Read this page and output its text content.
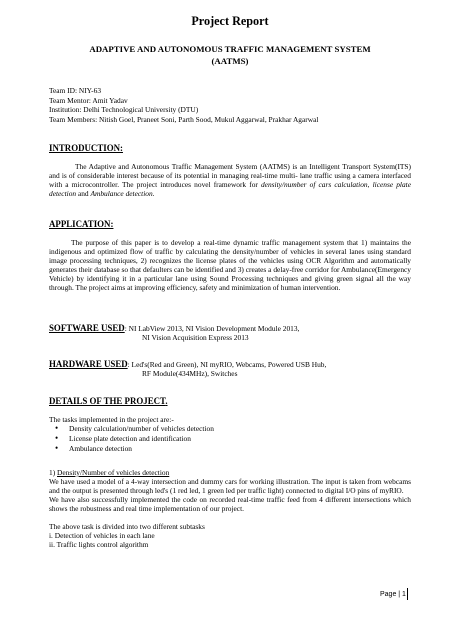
Project Report
ADAPTIVE AND AUTONOMOUS TRAFFIC MANAGEMENT SYSTEM
(AATMS)
Team ID: NIY-63
Team Mentor: Amit Yadav
Institution: Delhi Technological University (DTU)
Team Members: Nitish Goel, Praneet Soni, Parth Sood, Mukul Aggarwal, Prakhar Agarwal
INTRODUCTION:
The Adaptive and Autonomous Traffic Management System (AATMS) is an Intelligent Transport System(ITS) and is of considerable interest because of its potential in managing real-time multi- lane traffic using a camera interfaced with a microcontroller. The project introduces novel framework for density/number of cars calculation, license plate detection and Ambulance detection.
APPLICATION:
The purpose of this paper is to develop a real-time dynamic traffic management system that 1) maintains the indigenous and optimized flow of traffic by calculating the density/number of vehicles in several lanes using standard image processing techniques, 2) recognizes the license plates of the vehicles using OCR Algorithm and automatically generates their database so that defaulters can be identified and 3) creates a delay-free corridor for Ambulance(Emergency Vehicle) by identifying it in a particular lane using Sound Processing techniques and giving green signal all the way through. The project aims at improving efficiency, safety and minimization of human intervention.
SOFTWARE USED: NI LabView 2013, NI Vision Development Module 2013,
NI Vision Acquisition Express 2013
HARDWARE USED: Led's(Red and Green), NI myRIO, Webcams, Powered USB Hub,
RF Module(434MHz), Switches
DETAILS OF THE PROJECT.
The tasks implemented in the project are:-
• Density calculation/number of vehicles detection
• License plate detection and identification
• Ambulance detection
1) Density/Number of vehicles detection
We have used a model of a 4-way intersection and dummy cars for working illustration. The input is taken from webcams and the output is presented through led's (1 red led, 1 green led per traffic light) connected to digital I/O pins of myRIO.
We have also successfully implemented the code on recorded real-time traffic feed from 4 different intersections which shows the robustness and real time implementation of our project.
The above task is divided into two different subtasks
i. Detection of vehicles in each lane
ii. Traffic lights control algorithm
Page | 1
